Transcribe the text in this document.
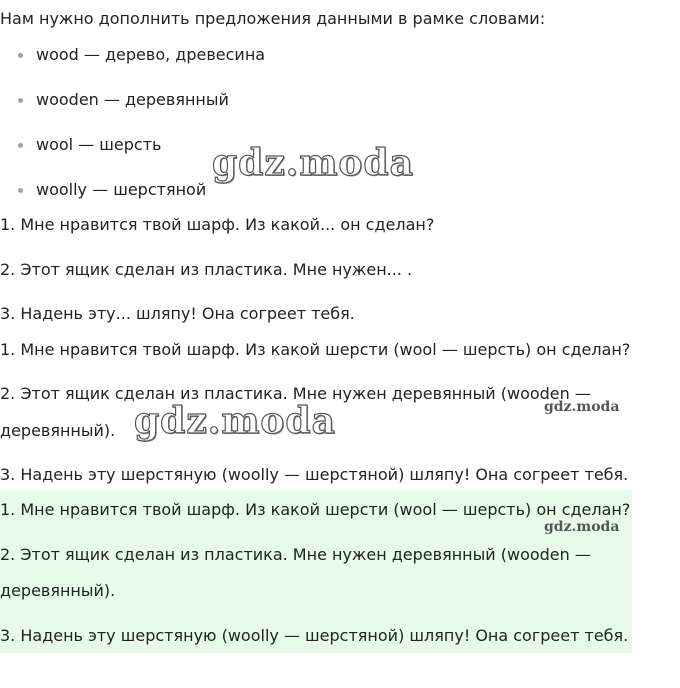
Нам нужно дополнить предложения данными в рамке словами:
wood — дерево, древесина
wooden — деревянный
wool — шерсть
woolly — шерстяной
1. Мне нравится твой шарф. Из какой... он сделан?
2. Этот ящик сделан из пластика. Мне нужен... .
3. Надень эту... шляпу! Она согреет тебя.
1. Мне нравится твой шарф. Из какой шерсти (wool — шерсть) он сделан?
2. Этот ящик сделан из пластика. Мне нужен деревянный (wooden —
деревянный).
3. Надень эту шерстяную (woolly — шерстяной) шляпу! Она согреет тебя.
1. Мне нравится твой шарф. Из какой шерсти (wool — шерсть) он сделан?
2. Этот ящик сделан из пластика. Мне нужен деревянный (wooden —
деревянный).
3. Надень эту шерстяную (woolly — шерстяной) шляпу! Она согреет тебя.
gdz.moda
gdz.moda	gdz.moda
gdz.moda
